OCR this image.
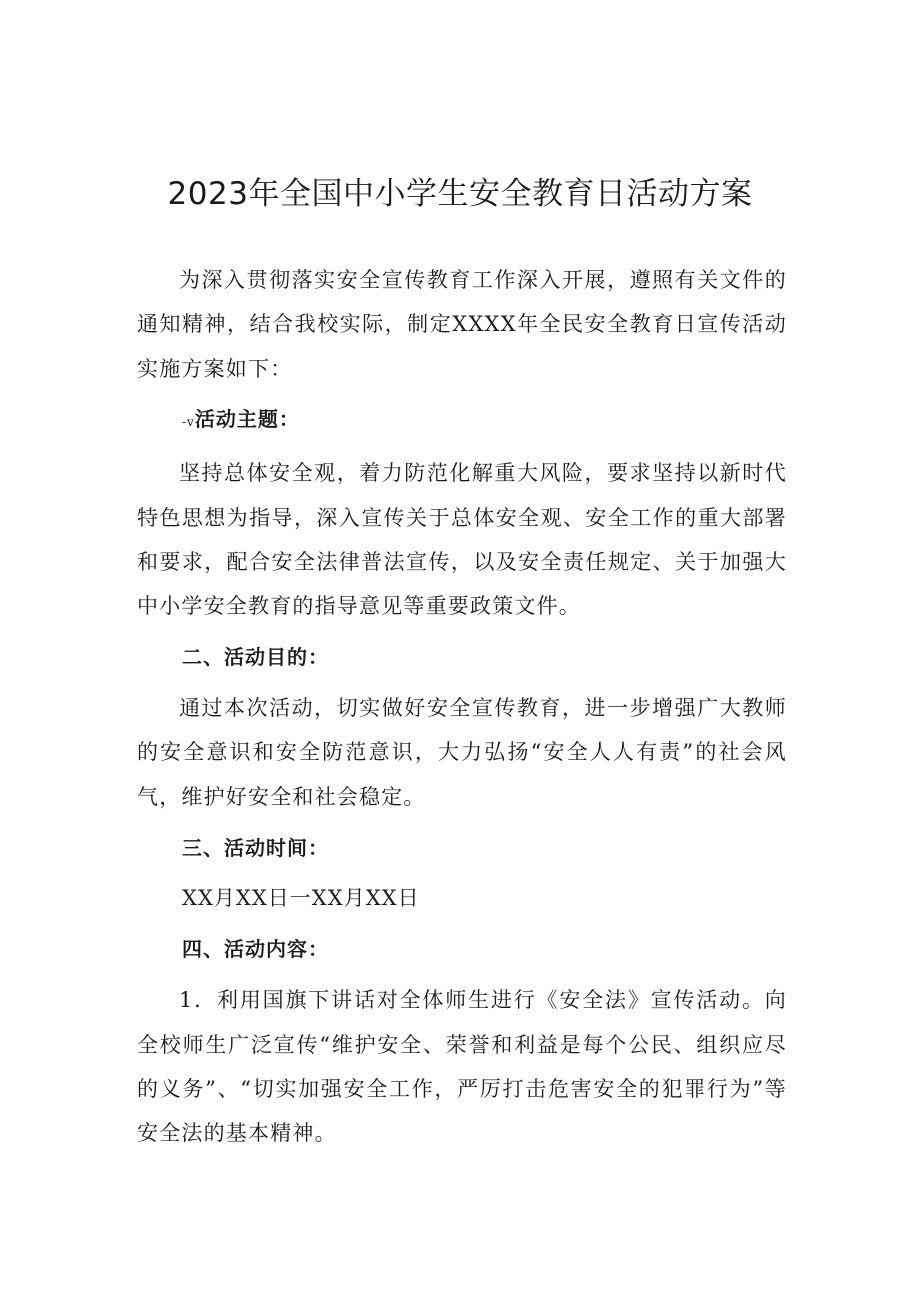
2023年全国中小学生安全教育日活动方案

为深入贯彻落实安全宣传教育工作深入开展，遵照有关文件的通知精神，结合我校实际，制定XXXX年全民安全教育日宣传活动实施方案如下：

-v活动主题：

坚持总体安全观，着力防范化解重大风险，要求坚持以新时代特色思想为指导，深入宣传关于总体安全观、安全工作的重大部署和要求，配合安全法律普法宣传，以及安全责任规定、关于加强大中小学安全教育的指导意见等重要政策文件。

二、活动目的：

通过本次活动，切实做好安全宣传教育，进一步增强广大教师的安全意识和安全防范意识，大力弘扬“安全人人有责”的社会风气，维护好安全和社会稳定。

三、活动时间：
XX月XX日一XX月XX日
四、活动内容：

1．利用国旗下讲话对全体师生进行《安全法》宣传活动。向全校师生广泛宣传“维护安全、荣誉和利益是每个公民、组织应尽的义务”、“切实加强安全工作，严厉打击危害安全的犯罪行为”等安全法的基本精神。
